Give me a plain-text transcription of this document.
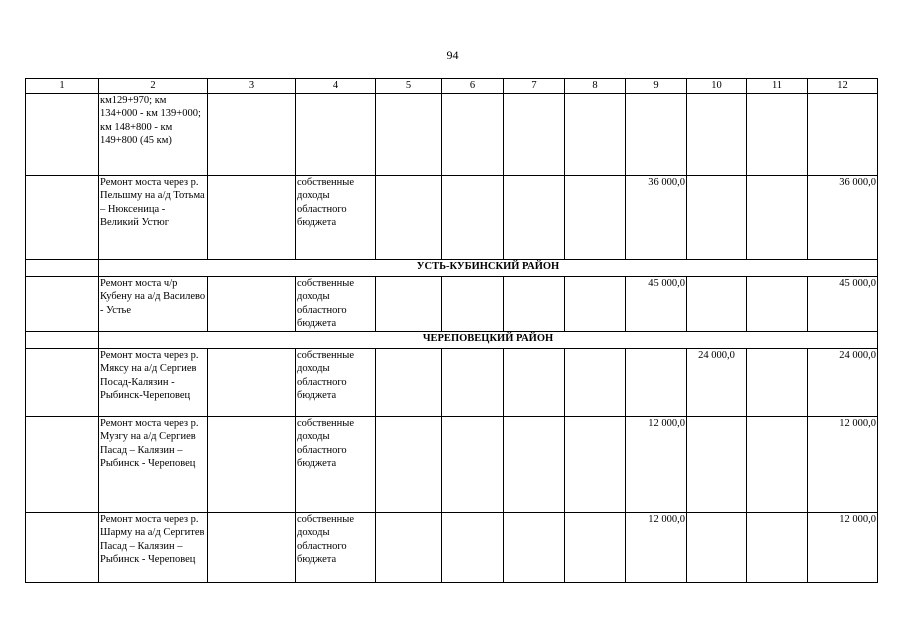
94
1	2	3	4	5	6	7	8	9	10	11	12
	км129+970; км 134+000 - км 139+000; км 148+800 - км 149+800 (45 км)										
	Ремонт моста через р. Пельшму на а/д Тотьма – Нюксеница - Великий Устюг		собственные доходы областного бюджета					36 000,0			36 000,0
	УСТЬ-КУБИНСКИЙ РАЙОН										
	Ремонт моста ч/р Кубену на а/д Василево - Устье		собственные доходы областного бюджета					45 000,0			45 000,0
	ЧЕРЕПОВЕЦКИЙ РАЙОН										
	Ремонт моста через р. Мяксу на а/д Сергиев Посад-Калязин - Рыбинск-Череповец		собственные доходы областного бюджета						24 000,0		24 000,0
	Ремонт моста через р. Музгу на а/д Сергиев Пасад – Калязин – Рыбинск - Череповец		собственные доходы областного бюджета					12 000,0			12 000,0
	Ремонт моста через р. Шарму на а/д Сергитев Пасад – Калязин – Рыбинск - Череповец		собственные доходы областного бюджета					12 000,0			12 000,0
